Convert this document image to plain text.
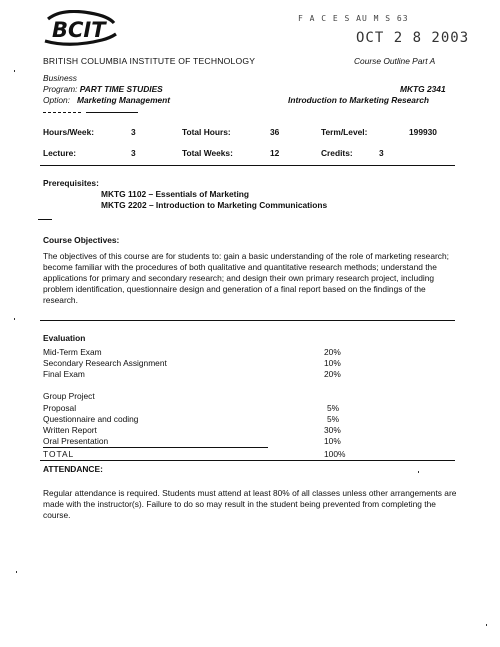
BCIT	F A C E S AU M S 63
OCT 2 8 2003
BRITISH COLUMBIA INSTITUTE OF TECHNOLOGY	Course Outline Part A
Business
Program: PART TIME STUDIES
Option: Marketing Management
MKTG 2341
Introduction to Marketing Research
Hours/Week:	3	Total Hours:	36	Term/Level:	199930
Lecture:	3	Total Weeks:	12	Credits:	3
Prerequisites:
MKTG 1102 – Essentials of Marketing
MKTG 2202 – Introduction to Marketing Communications
Course Objectives:
The objectives of this course are for students to: gain a basic understanding of the role of marketing research; become familiar with the procedures of both qualitative and quantitative research methods; understand the applications for primary and secondary research; and design their own primary research project, including problem identification, questionnaire design and generation of a final report based on the findings of the research.
Evaluation
Mid-Term Exam	20%
Secondary Research Assignment	10%
Final Exam	20%
Group Project
Proposal	5%
Questionnaire and coding	5%
Written Report	30%
Oral Presentation	10%
TOTAL	100%
ATTENDANCE:
Regular attendance is required. Students must attend at least 80% of all classes unless other arrangements are made with the instructor(s). Failure to do so may result in the student being prevented from completing the course.
